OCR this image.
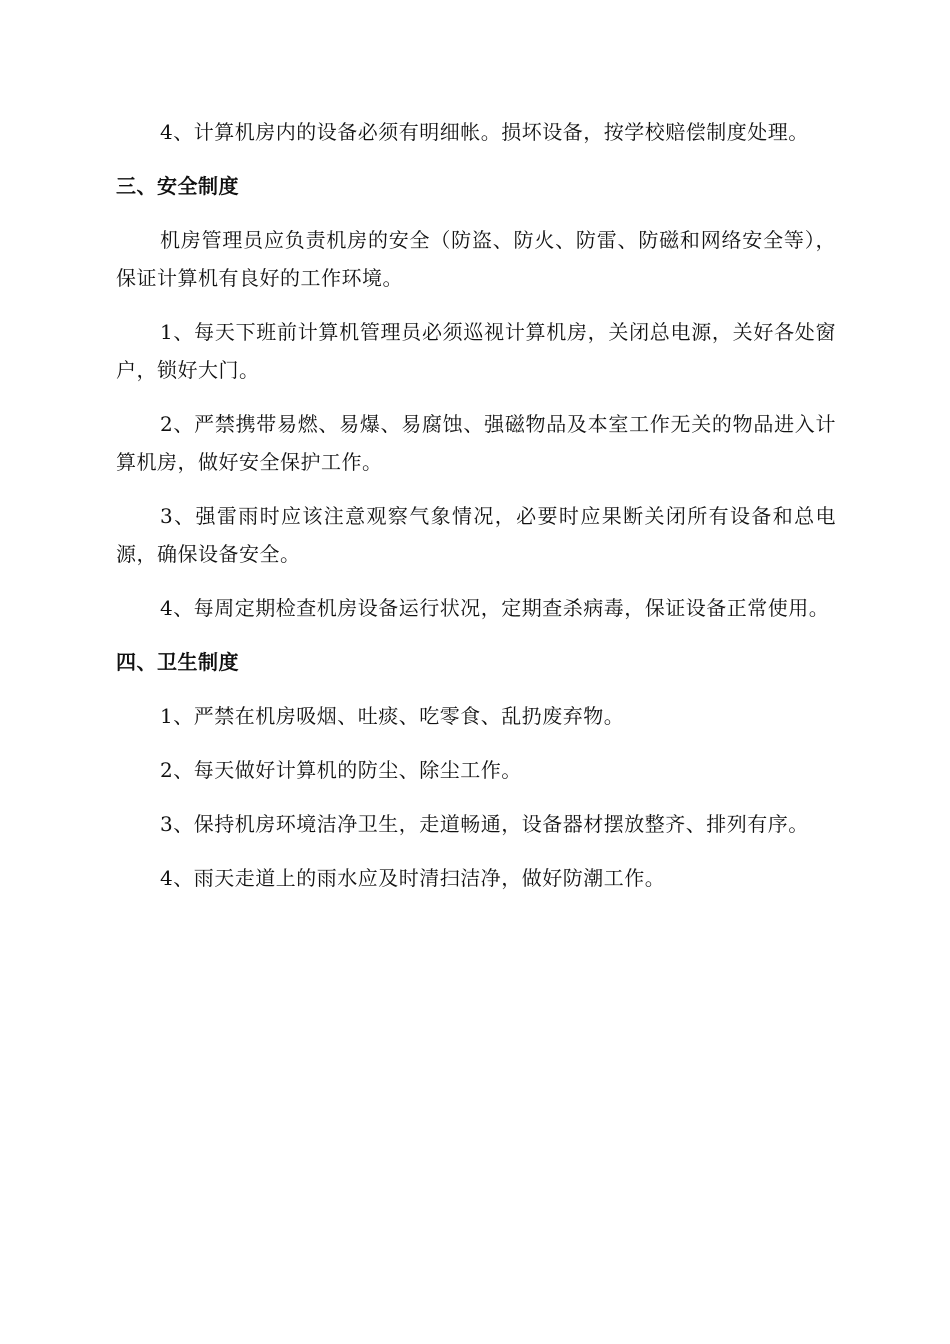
4、计算机房内的设备必须有明细帐。损坏设备，按学校赔偿制度处理。

三、安全制度

机房管理员应负责机房的安全（防盗、防火、防雷、防磁和网络安全等），保证计算机有良好的工作环境。

1、每天下班前计算机管理员必须巡视计算机房，关闭总电源，关好各处窗户，锁好大门。

2、严禁携带易燃、易爆、易腐蚀、强磁物品及本室工作无关的物品进入计算机房，做好安全保护工作。

3、强雷雨时应该注意观察气象情况，必要时应果断关闭所有设备和总电源，确保设备安全。

4、每周定期检查机房设备运行状况，定期查杀病毒，保证设备正常使用。

四、卫生制度

1、严禁在机房吸烟、吐痰、吃零食、乱扔废弃物。

2、每天做好计算机的防尘、除尘工作。

3、保持机房环境洁净卫生，走道畅通，设备器材摆放整齐、排列有序。

4、雨天走道上的雨水应及时清扫洁净，做好防潮工作。
